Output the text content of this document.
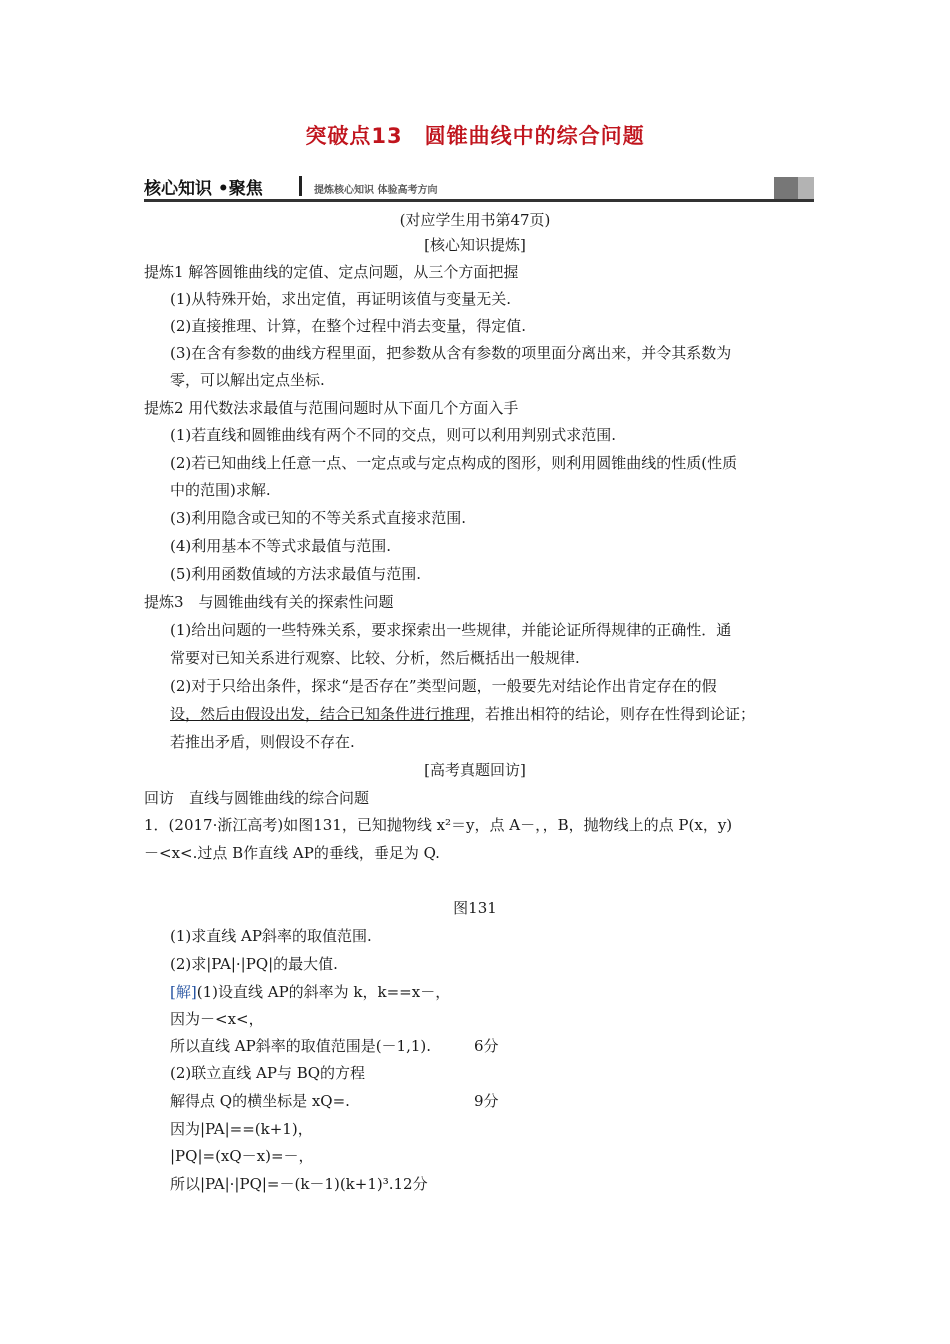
突破点13　圆锥曲线中的综合问题
核心知识 •聚焦	提炼核心知识 体验高考方向
(对应学生用书第47页)
[核心知识提炼]
提炼1 解答圆锥曲线的定值、定点问题，从三个方面把握
(1)从特殊开始，求出定值，再证明该值与变量无关.
(2)直接推理、计算，在整个过程中消去变量，得定值.
(3)在含有参数的曲线方程里面，把参数从含有参数的项里面分离出来，并令其系数为
零，可以解出定点坐标.
提炼2 用代数法求最值与范围问题时从下面几个方面入手
(1)若直线和圆锥曲线有两个不同的交点，则可以利用判别式求范围.
(2)若已知曲线上任意一点、一定点或与定点构成的图形，则利用圆锥曲线的性质(性质
中的范围)求解.
(3)利用隐含或已知的不等关系式直接求范围.
(4)利用基本不等式求最值与范围.
(5)利用函数值域的方法求最值与范围.
提炼3　与圆锥曲线有关的探索性问题
(1)给出问题的一些特殊关系，要求探索出一些规律，并能论证所得规律的正确性．通
常要对已知关系进行观察、比较、分析，然后概括出一般规律.
(2)对于只给出条件，探求“是否存在”类型问题，一般要先对结论作出肯定存在的假
设，然后由假设出发，结合已知条件进行推理，若推出相符的结论，则存在性得到论证；
若推出矛盾，则假设不存在.
[高考真题回访]
回访　直线与圆锥曲线的综合问题
1．(2017·浙江高考)如图131，已知抛物线 x²＝y，点 A－，，B，抛物线上的点 P(x，y)
－<x<.过点 B作直线 AP的垂线，垂足为 Q.
图131
(1)求直线 AP斜率的取值范围.
(2)求|PA|·|PQ|的最大值.
[解](1)设直线 AP的斜率为 k，k==x－，
因为－<x<，
所以直线 AP斜率的取值范围是(－1,1).	6分
(2)联立直线 AP与 BQ的方程
解得点 Q的横坐标是 xQ=.	9分
因为|PA|==(k+1)，
|PQ|=(xQ－x)=－，
所以|PA|·|PQ|=－(k－1)(k+1)³.12分
